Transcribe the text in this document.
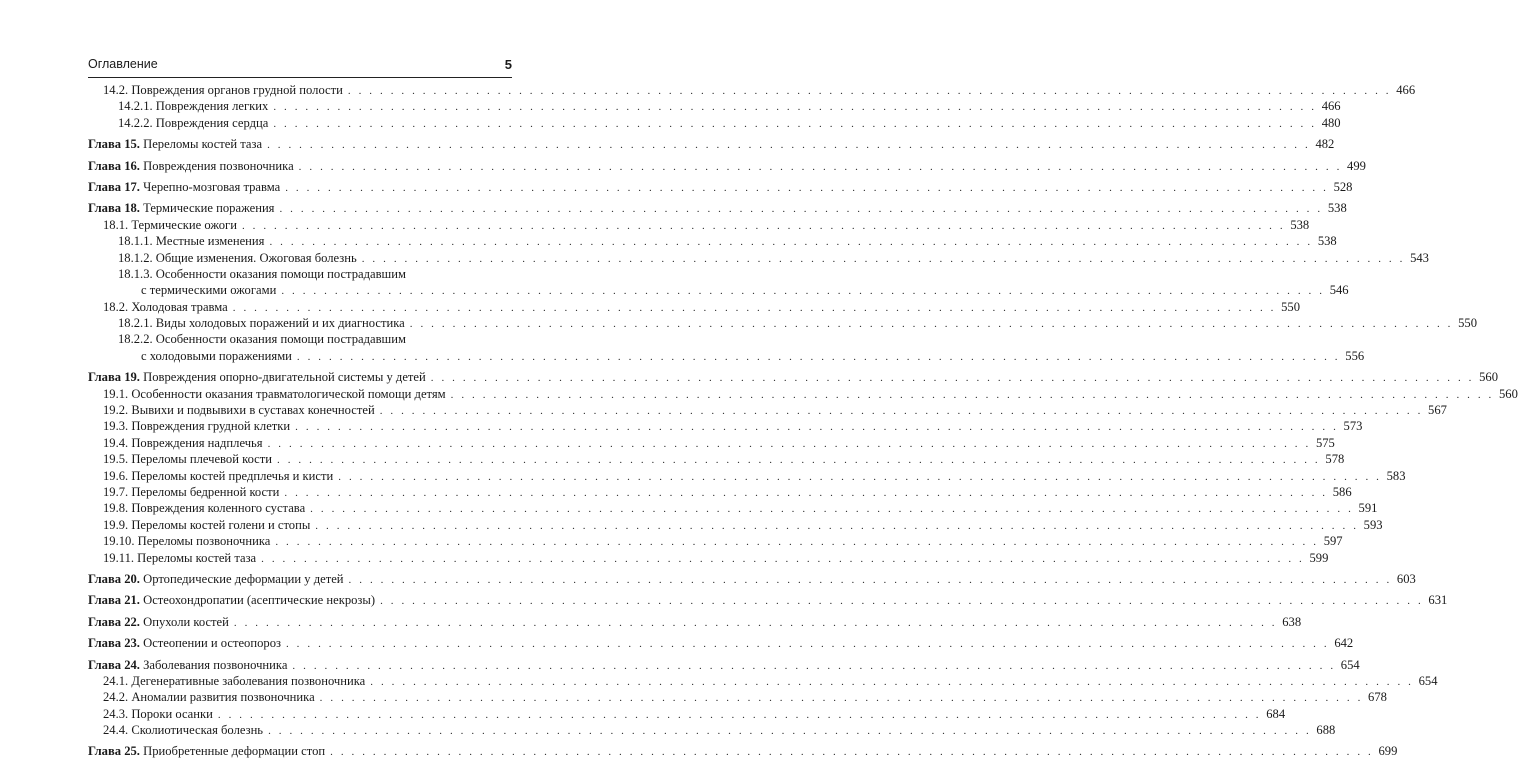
Оглавление	5
14.2. Повреждения органов грудной полости . . .	466
14.2.1. Повреждения легких . . .	466
14.2.2. Повреждения сердца . . .	480
Глава 15. Переломы костей таза . . .	482
Глава 16. Повреждения позвоночника . . .	499
Глава 17. Черепно-мозговая травма . . .	528
Глава 18. Термические поражения . . .	538
18.1. Термические ожоги . . .	538
18.1.1. Местные изменения . . .	538
18.1.2. Общие изменения. Ожоговая болезнь . . .	543
18.1.3. Особенности оказания помощи пострадавшим
с термическими ожогами . . .	546
18.2. Холодовая травма . . .	550
18.2.1. Виды холодовых поражений и их диагностика . . .	550
18.2.2. Особенности оказания помощи пострадавшим
с холодовыми поражениями . . .	556
Глава 19. Повреждения опорно-двигательной системы у детей . . .	560
19.1. Особенности оказания травматологической помощи детям . . .	560
19.2. Вывихи и подвывихи в суставах конечностей . . .	567
19.3. Повреждения грудной клетки . . .	573
19.4. Повреждения надплечья . . .	575
19.5. Переломы плечевой кости . . .	578
19.6. Переломы костей предплечья и кисти . . .	583
19.7. Переломы бедренной кости . . .	586
19.8. Повреждения коленного сустава . . .	591
19.9. Переломы костей голени и стопы . . .	593
19.10. Переломы позвоночника . . .	597
19.11. Переломы костей таза . . .	599
Глава 20. Ортопедические деформации у детей . . .	603
Глава 21. Остеохондропатии (асептические некрозы) . . .	631
Глава 22. Опухоли костей . . .	638
Глава 23. Остеопении и остеопороз . . .	642
Глава 24. Заболевания позвоночника . . .	654
24.1. Дегенеративные заболевания позвоночника . . .	654
24.2. Аномалии развития позвоночника . . .	678
24.3. Пороки осанки . . .	684
24.4. Сколиотическая болезнь . . .	688
Глава 25. Приобретенные деформации стоп . . .	699
